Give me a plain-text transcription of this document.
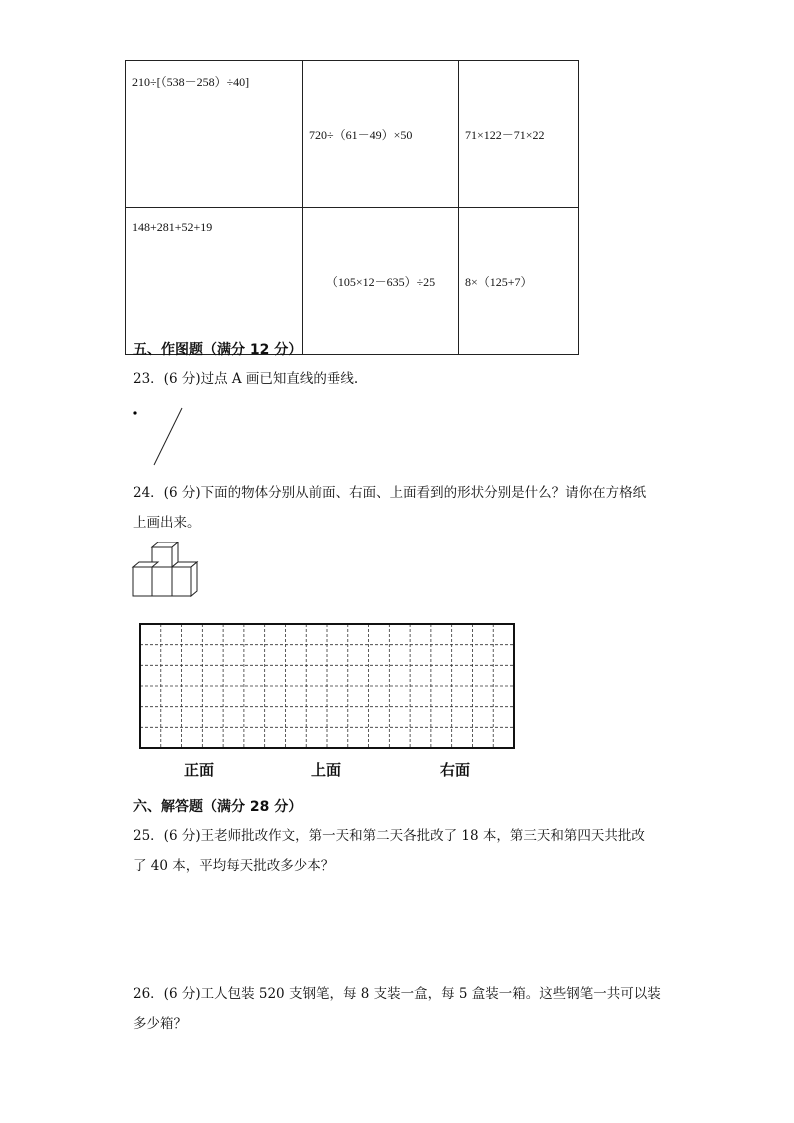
210÷[（538－258）÷40]	720÷（61－49）×50	71×122－71×22
148+281+52+19	（105×12－635）÷25	8×（125+7）
五、作图题（满分 12 分）
23．(6 分)过点 A 画已知直线的垂线.
24．(6 分)下面的物体分别从前面、右面、上面看到的形状分别是什么？请你在方格纸
上画出来。
正面	上面	右面
六、解答题（满分 28 分）
25．(6 分)王老师批改作文，第一天和第二天各批改了 18 本，第三天和第四天共批改
了 40 本，平均每天批改多少本？
26．(6 分)工人包装 520 支钢笔，每 8 支装一盒，每 5 盒装一箱。这些钢笔一共可以装
多少箱？
